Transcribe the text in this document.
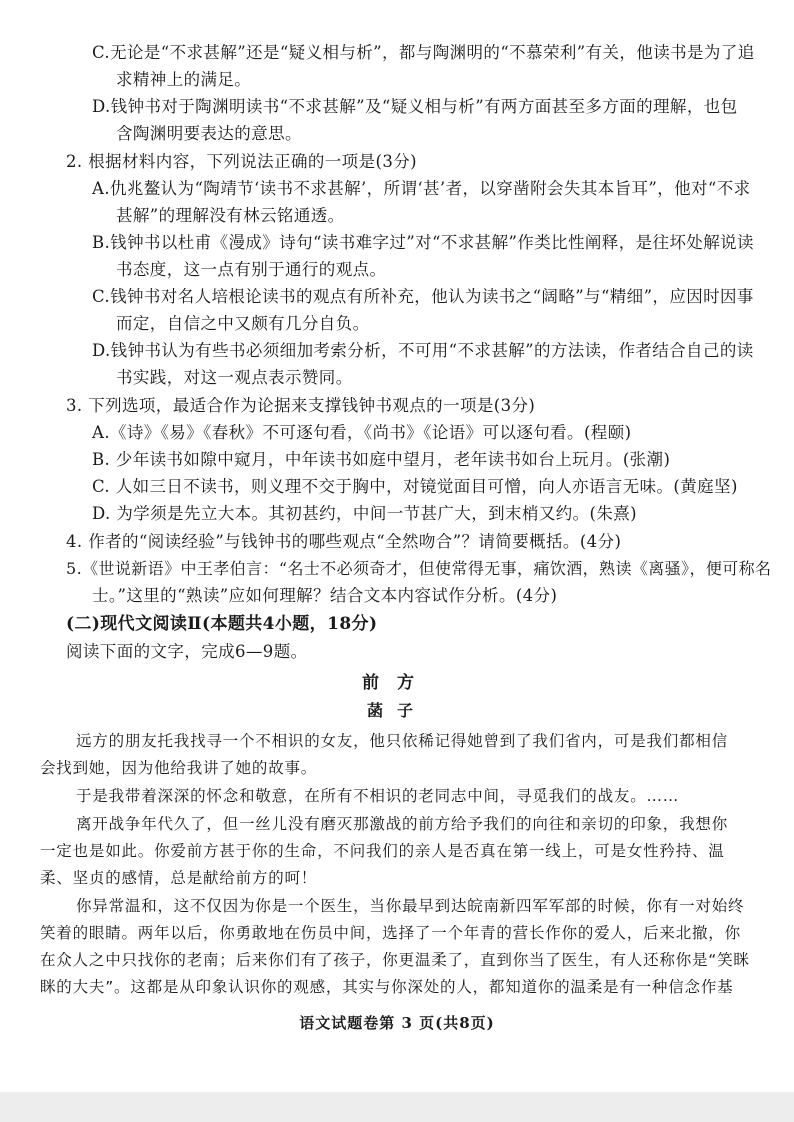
C.无论是“不求甚解”还是“疑义相与析”，都与陶渊明的“不慕荣利”有关，他读书是为了追
求精神上的满足。
D.钱钟书对于陶渊明读书“不求甚解”及“疑义相与析”有两方面甚至多方面的理解，也包
含陶渊明要表达的意思。
2. 根据材料内容，下列说法正确的一项是(3分)
A.仇兆鳌认为“陶靖节‘读书不求甚解’，所谓‘甚’者，以穿凿附会失其本旨耳”，他对“不求
甚解”的理解没有林云铭通透。
B.钱钟书以杜甫《漫成》诗句“读书难字过”对“不求甚解”作类比性阐释，是往坏处解说读
书态度，这一点有别于通行的观点。
C.钱钟书对名人培根论读书的观点有所补充，他认为读书之“阔略”与“精细”，应因时因事
而定，自信之中又颇有几分自负。
D.钱钟书认为有些书必须细加考索分析，不可用“不求甚解”的方法读，作者结合自己的读
书实践，对这一观点表示赞同。
3. 下列选项，最适合作为论据来支撑钱钟书观点的一项是(3分)
A.《诗》《易》《春秋》不可逐句看，《尚书》《论语》可以逐句看。(程颐)
B. 少年读书如隙中窥月，中年读书如庭中望月，老年读书如台上玩月。(张潮)
C. 人如三日不读书，则义理不交于胸中，对镜觉面目可憎，向人亦语言无味。(黄庭坚)
D. 为学须是先立大本。其初甚约，中间一节甚广大，到末梢又约。(朱熹)
4. 作者的“阅读经验”与钱钟书的哪些观点“全然吻合”？请简要概括。(4分)
5.《世说新语》中王孝伯言：“名士不必须奇才，但使常得无事，痛饮酒，熟读《离骚》，便可称名
士。”这里的“熟读”应如何理解？结合文本内容试作分析。(4分)
(二)现代文阅读Ⅱ(本题共4小题，18分)
阅读下面的文字，完成6—9题。
前方
菡子
远方的朋友托我找寻一个不相识的女友，他只依稀记得她曾到了我们省内，可是我们都相信
会找到她，因为他给我讲了她的故事。
于是我带着深深的怀念和敬意，在所有不相识的老同志中间，寻觅我们的战友。……
离开战争年代久了，但一丝儿没有磨灭那激战的前方给予我们的向往和亲切的印象，我想你
一定也是如此。你爱前方甚于你的生命，不问我们的亲人是否真在第一线上，可是女性矜持、温
柔、坚贞的感情，总是献给前方的呵！
你异常温和，这不仅因为你是一个医生，当你最早到达皖南新四军军部的时候，你有一对始终
笑着的眼睛。两年以后，你勇敢地在伤员中间，选择了一个年青的营长作你的爱人，后来北撤，你
在众人之中只找你的老南；后来你们有了孩子，你更温柔了，直到你当了医生，有人还称你是“笑眯
眯的大夫”。这都是从印象认识你的观感，其实与你深处的人，都知道你的温柔是有一种信念作基
语文试题卷第 3 页(共8页)
